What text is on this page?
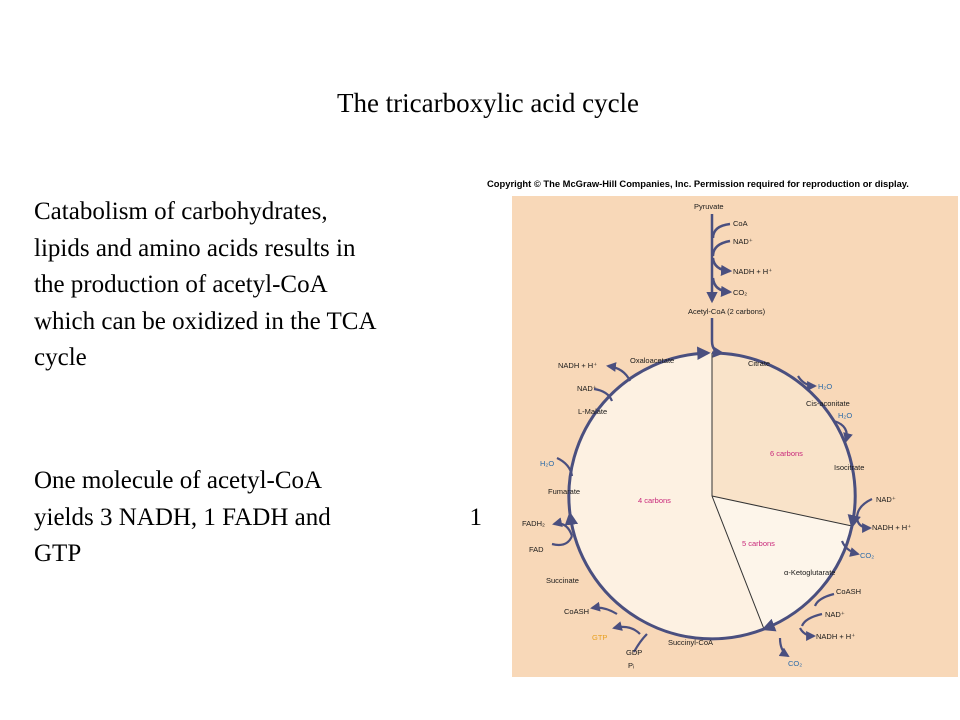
The tricarboxylic acid cycle
Catabolism of carbohydrates,
lipids and amino acids results in
the production of acetyl-CoA
which can be oxidized in the TCA
cycle
One molecule of acetyl-CoA
yields 3 NADH, 1 FADH and	1
GTP
Copyright © The McGraw-Hill Companies, Inc. Permission required for reproduction or display.
6 carbons
5 carbons
4 carbons
Pyruvate
CoA
NAD⁺
NADH + H⁺
CO₂
Acetyl-CoA (2 carbons)
Citrate
H₂O
Cis-aconitate
H₂O
Isocitrate
NAD⁺
NADH + H⁺
CO₂
α-Ketoglutarate
CoASH
NAD⁺
NADH + H⁺
CO₂
Succinyl-CoA
GTP
GDP
Pᵢ
CoASH
Succinate
FADH₂
FAD
Fumarate
H₂O
L-Malate
NAD⁺
NADH + H⁺
Oxaloacetate
